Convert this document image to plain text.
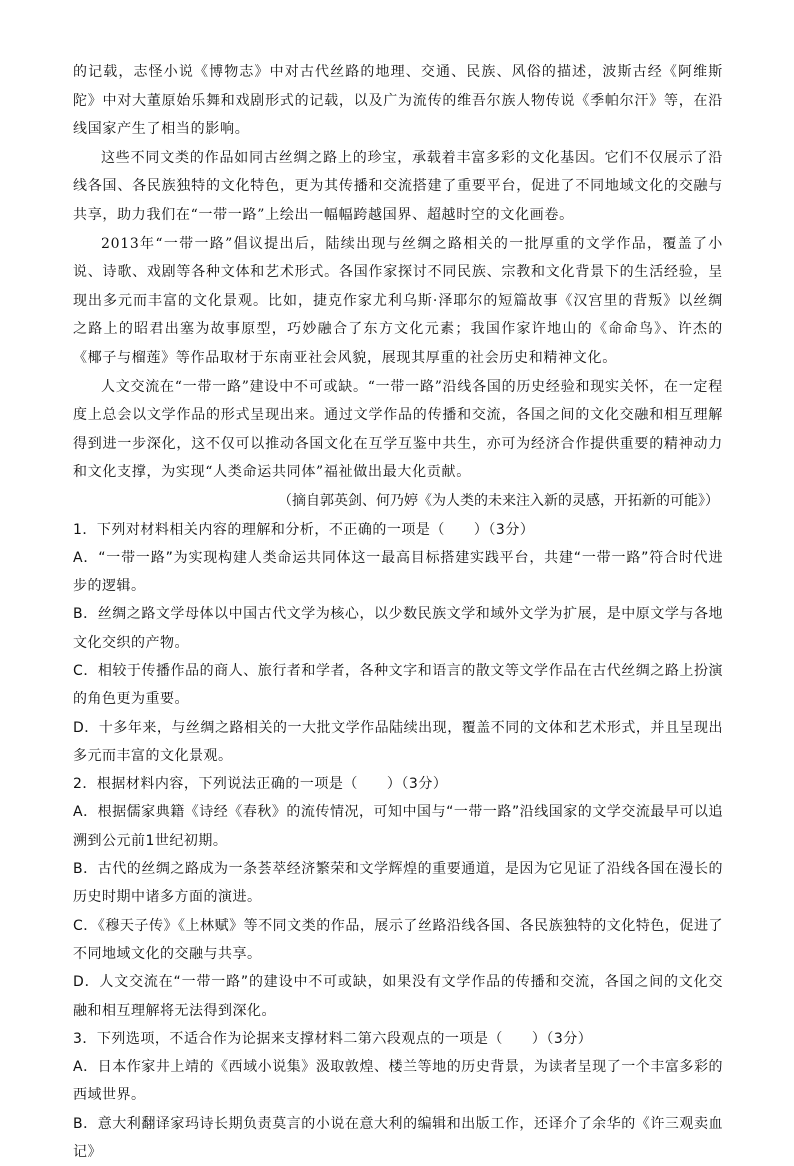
的记载，志怪小说《博物志》中对古代丝路的地理、交通、民族、风俗的描述，波斯古经《阿维斯陀》中对大董原始乐舞和戏剧形式的记载，以及广为流传的维吾尔族人物传说《季帕尔汗》等，在沿线国家产生了相当的影响。

这些不同文类的作品如同古丝绸之路上的珍宝，承载着丰富多彩的文化基因。它们不仅展示了沿线各国、各民族独特的文化特色，更为其传播和交流搭建了重要平台，促进了不同地域文化的交融与共享，助力我们在“一带一路”上绘出一幅幅跨越国界、超越时空的文化画卷。

2013年“一带一路”倡议提出后，陆续出现与丝绸之路相关的一批厚重的文学作品，覆盖了小说、诗歌、戏剧等各种文体和艺术形式。各国作家探讨不同民族、宗教和文化背景下的生活经验，呈现出多元而丰富的文化景观。比如，捷克作家尤利乌斯·泽耶尔的短篇故事《汉宫里的背叛》以丝绸之路上的昭君出塞为故事原型，巧妙融合了东方文化元素；我国作家许地山的《命命鸟》、许杰的《椰子与榴莲》等作品取材于东南亚社会风貌，展现其厚重的社会历史和精神文化。

人文交流在“一带一路”建设中不可或缺。“一带一路”沿线各国的历史经验和现实关怀，在一定程度上总会以文学作品的形式呈现出来。通过文学作品的传播和交流，各国之间的文化交融和相互理解得到进一步深化，这不仅可以推动各国文化在互学互鉴中共生，亦可为经济合作提供重要的精神动力和文化支撑，为实现“人类命运共同体”福祉做出最大化贡献。

（摘自郭英剑、何乃婷《为人类的未来注入新的灵感，开拓新的可能》）

1．下列对材料相关内容的理解和分析，不正确的一项是（　　）（3分）

A．“一带一路”为实现构建人类命运共同体这一最高目标搭建实践平台，共建“一带一路”符合时代进步的逻辑。

B．丝绸之路文学母体以中国古代文学为核心，以少数民族文学和域外文学为扩展，是中原文学与各地文化交织的产物。

C．相较于传播作品的商人、旅行者和学者，各种文字和语言的散文等文学作品在古代丝绸之路上扮演的角色更为重要。

D．十多年来，与丝绸之路相关的一大批文学作品陆续出现，覆盖不同的文体和艺术形式，并且呈现出多元而丰富的文化景观。

2．根据材料内容，下列说法正确的一项是（　　）（3分）

A．根据儒家典籍《诗经《春秋》的流传情况，可知中国与“一带一路”沿线国家的文学交流最早可以追溯到公元前1世纪初期。

B．古代的丝绸之路成为一条荟萃经济繁荣和文学辉煌的重要通道，是因为它见证了沿线各国在漫长的历史时期中诸多方面的演进。

C．《穆天子传》《上林赋》等不同文类的作品，展示了丝路沿线各国、各民族独特的文化特色，促进了不同地域文化的交融与共享。

D．人文交流在“一带一路”的建设中不可或缺，如果没有文学作品的传播和交流，各国之间的文化交融和相互理解将无法得到深化。

3．下列选项，不适合作为论据来支撑材料二第六段观点的一项是（　　）（3分）

A．日本作家井上靖的《西域小说集》汲取敦煌、楼兰等地的历史背景，为读者呈现了一个丰富多彩的西域世界。

B．意大利翻译家玛诗长期负责莫言的小说在意大利的编辑和出版工作，还译介了余华的《许三观卖血记》
